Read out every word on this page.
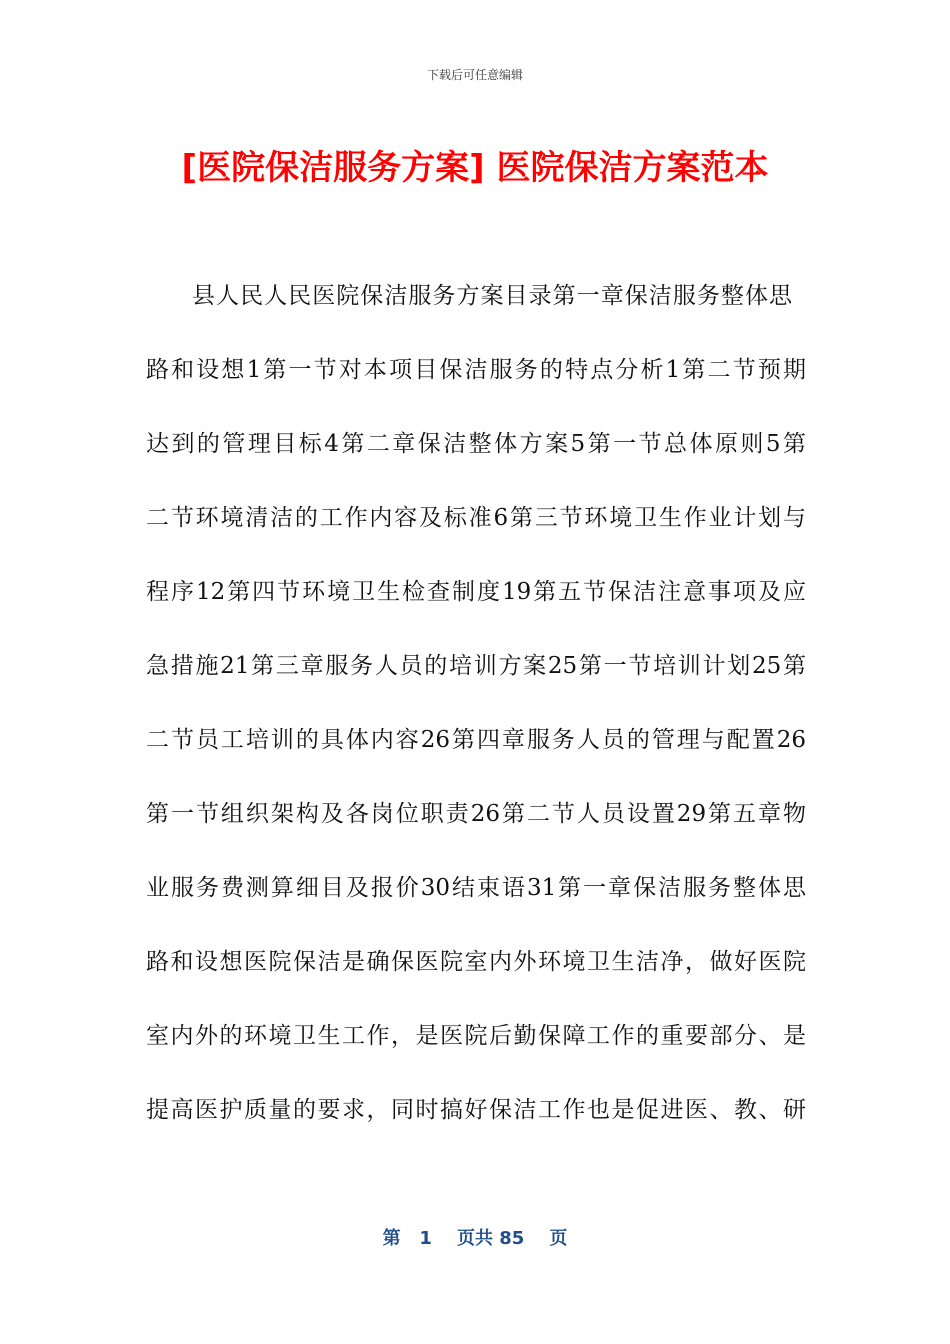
下载后可任意编辑
[医院保洁服务方案] 医院保洁方案范本
县人民人民医院保洁服务方案目录第一章保洁服务整体思
路和设想1第一节对本项目保洁服务的特点分析1第二节预期
达到的管理目标4第二章保洁整体方案5第一节总体原则5第
二节环境清洁的工作内容及标准6第三节环境卫生作业计划与
程序12第四节环境卫生检查制度19第五节保洁注意事项及应
急措施21第三章服务人员的培训方案25第一节培训计划25第
二节员工培训的具体内容26第四章服务人员的管理与配置26
第一节组织架构及各岗位职责26第二节人员设置29第五章物
业服务费测算细目及报价30结束语31第一章保洁服务整体思
路和设想医院保洁是确保医院室内外环境卫生洁净，做好医院
室内外的环境卫生工作，是医院后勤保障工作的重要部分、是
提高医护质量的要求，同时搞好保洁工作也是促进医、教、研
第 1 页共 85 页
